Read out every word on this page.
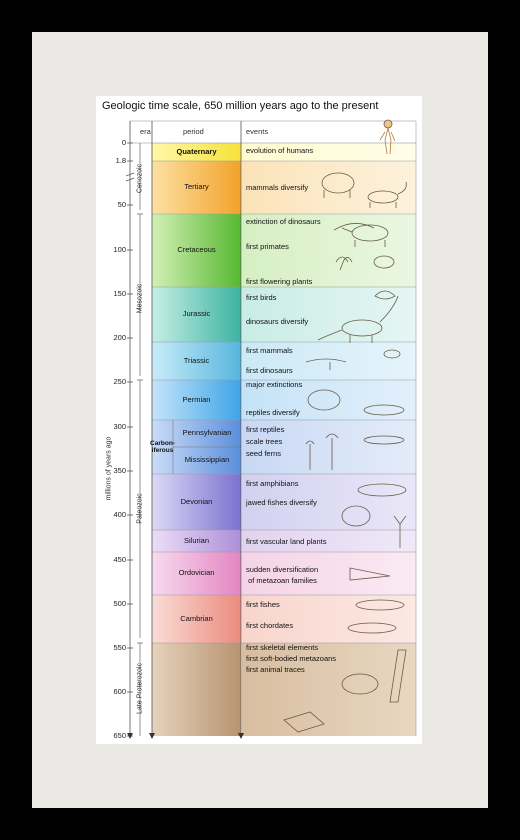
Geologic time scale, 650 million years ago to the present
era	period	events
0
1.8
50
100
150
200
250
300
350
400
450
500
550
600
650
millions of years ago
Cenozoic
Mesozoic
Paleozoic
Late Proterozoic
Quaternary
Tertiary
Cretaceous
Jurassic
Triassic
Permian
Carbon-
iferous
Pennsylvanian
Mississippian
Devonian
Silurian
Ordovician
Cambrian
evolution of humans
mammals diversify
extinction of dinosaurs
first primates
first flowering plants
first birds
dinosaurs diversify
first mammals
first dinosaurs
major extinctions
reptiles diversify
first reptiles
scale trees
seed ferns
first amphibians
jawed fishes diversify
first vascular land plants
sudden diversification
of metazoan families
first fishes
first chordates
first skeletal elements
first soft-bodied metazoans
first animal traces
